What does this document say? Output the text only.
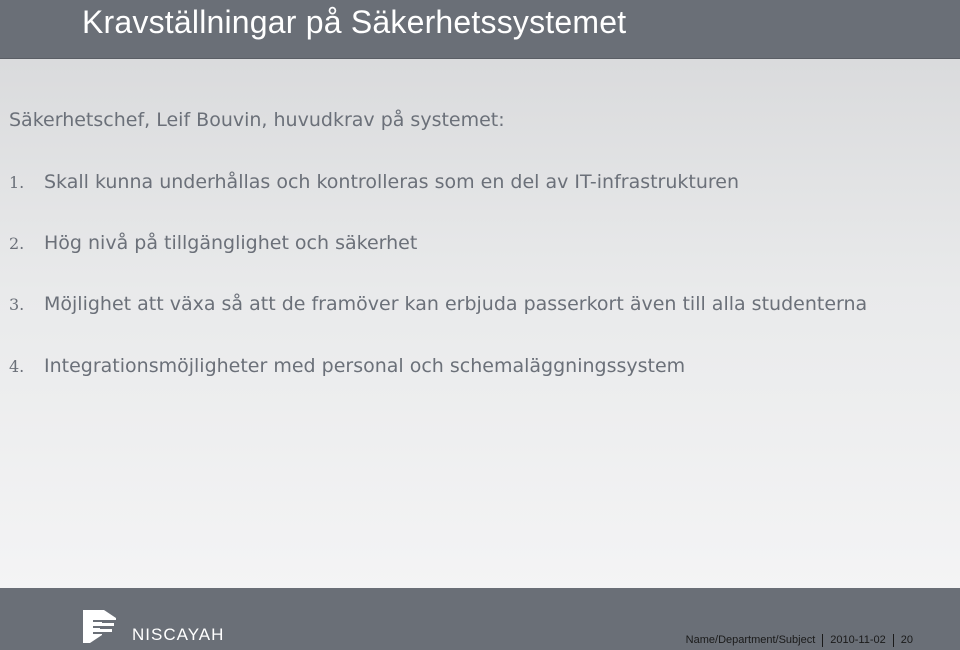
Kravställningar på Säkerhetssystemet
Säkerhetschef, Leif Bouvin, huvudkrav på systemet:
1. Skall kunna underhållas och kontrolleras som en del av IT-infrastrukturen
2. Hög nivå på tillgänglighet och säkerhet
3. Möjlighet att växa så att de framöver kan erbjuda passerkort även till alla studenterna
4. Integrationsmöjligheter med personal och schemaläggningssystem
NISCAYAH	Name/Department/Subject 2010-11-02 20
